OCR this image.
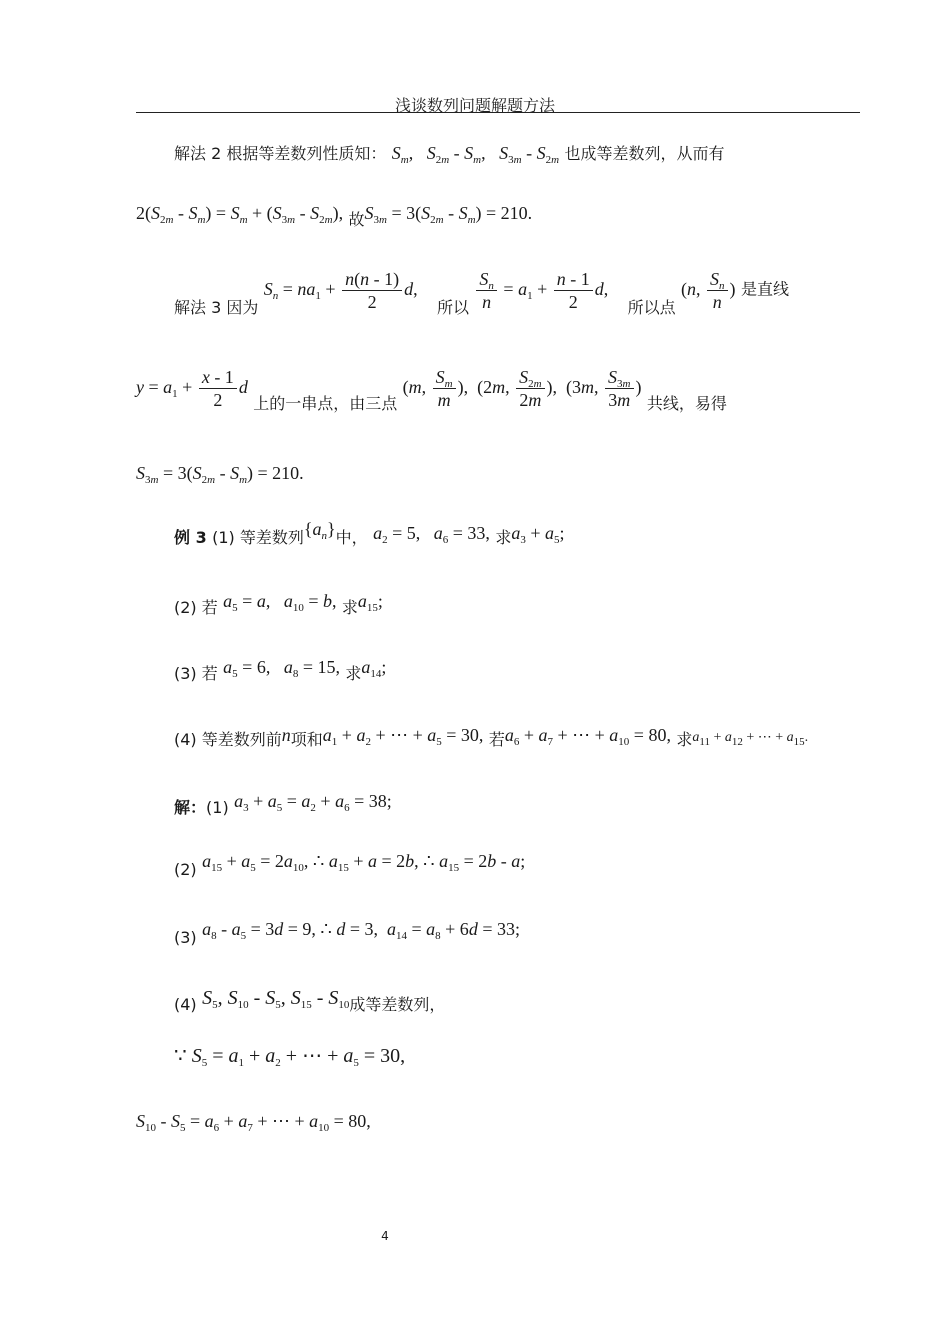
浅谈数列问题解题方法
解法 2 根据等差数列性质知： $S_m$,   $S_{2m} - S_m$,   $S_{3m} - S_{2m}$ 也成等差数列，从而有
$2(S_{2m} - S_m) = S_m + (S_{3m} - S_{2m})$, 故$S_{3m} = 3(S_{2m} - S_m) = 210$.
解法 3 因为 $S_n = na_1 + \frac{n(n - 1)}{2} d$, 所以 $\frac{S_n}{n} = a_1 + \frac{n - 1}{2} d$, 所以点 (n, $\frac{S_n}{n}$ ) 是直线
$y = a_1 + \frac{x - 1}{2}$ d 上的一串点，由三点 (m, $\frac{S_m}{m}$ ),  (2m, $\frac{S_{2m}}{2m}$ ),  (3m, $\frac{S_{3m}}{3m}$ ) 共线，易得
$S_{3m} = 3(S_{2m} - S_m) = 210$.
例 3 (1) 等差数列$\{a_n\}$中， $a_2 = 5$,   $a_6 = 33$, 求$a_3 + a_5$;
(2) 若 $a_5 = a$,   $a_{10} = b$, 求$a_{15}$;
(3) 若 $a_5 = 6$,   $a_8 = 15$, 求$a_{14}$;
(4) 等差数列前n项和$a_1 + a_2$ + ⋯ + $a_5 = 30$, 若$a_6 + a_7$ + ⋯ + $a_{10} = 80$, 求$^{a_{11} + a_{12} + \cdots + a_{15}.}$
解：(1) $a_3 + a_5 = a_2 + a_6 = 38$;
(2) $a_{15} + a_5 = 2a_{10}$, ∴ $a_{15} + a = 2b$, ∴ $a_{15} = 2b - a$;
(3) $a_8 - a_5 = 3d = 9$, ∴ d = 3,  $a_{14} = a_8 + 6d = 33$;
(4) $S_5$, $S_{10} - S_5$, $S_{15} - S_{10}$成等差数列，
∵ $S_5 = a_1 + a_2$ + ⋯ + $a_5 = 30$,
$S_{10} - S_5 = a_6 + a_7$ + ⋯ + $a_{10} = 80$,
4
